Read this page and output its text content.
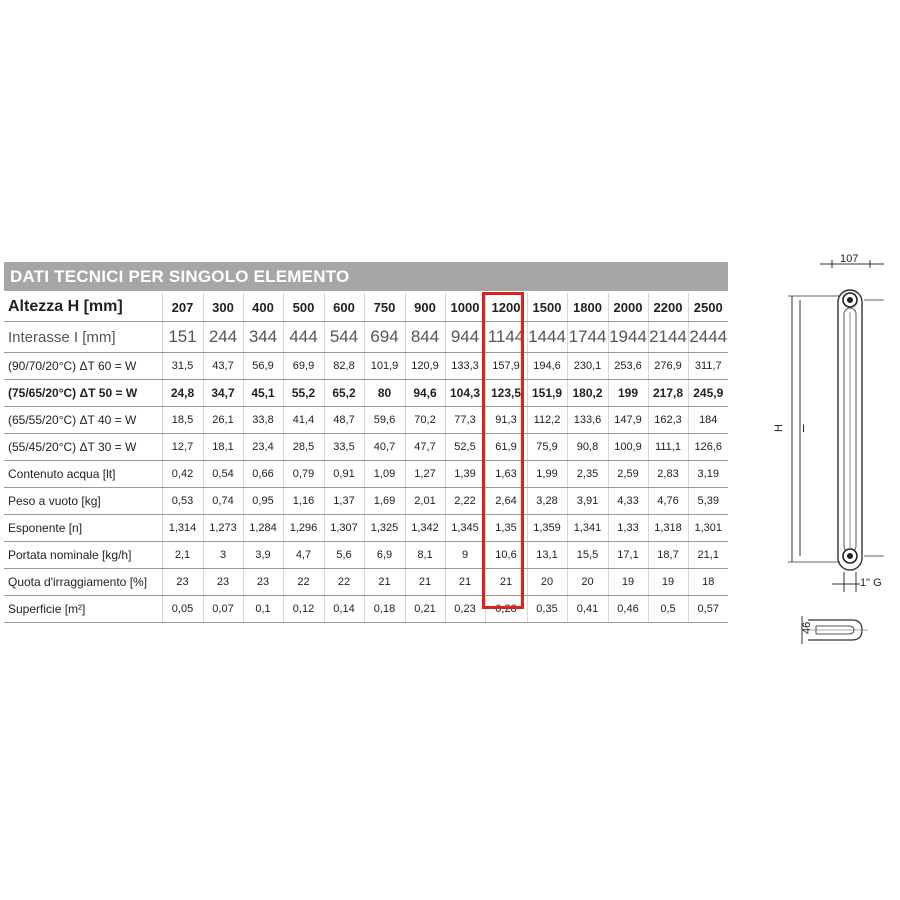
DATI TECNICI PER SINGOLO ELEMENTO
Altezza H [mm]	207	300	400	500	600	750	900	1000	1200	1500	1800	2000	2200	2500
Interasse I [mm]	151	244	344	444	544	694	844	944	1144	1444	1744	1944	2144	2444
(90/70/20°C) ΔT 60 = W	31,5	43,7	56,9	69,9	82,8	101,9	120,9	133,3	157,9	194,6	230,1	253,6	276,9	311,7
(75/65/20°C) ΔT 50 = W	24,8	34,7	45,1	55,2	65,2	80	94,6	104,3	123,5	151,9	180,2	199	217,8	245,9
(65/55/20°C) ΔT 40 = W	18,5	26,1	33,8	41,4	48,7	59,6	70,2	77,3	91,3	112,2	133,6	147,9	162,3	184
(55/45/20°C) ΔT 30 = W	12,7	18,1	23,4	28,5	33,5	40,7	47,7	52,5	61,9	75,9	90,8	100,9	111,1	126,6
Contenuto acqua [lt]	0,42	0,54	0,66	0,79	0,91	1,09	1,27	1,39	1,63	1,99	2,35	2,59	2,83	3,19
Peso a vuoto [kg]	0,53	0,74	0,95	1,16	1,37	1,69	2,01	2,22	2,64	3,28	3,91	4,33	4,76	5,39
Esponente [n]	1,314	1,273	1,284	1,296	1,307	1,325	1,342	1,345	1,35	1,359	1,341	1,33	1,318	1,301
Portata nominale [kg/h]	2,1	3	3,9	4,7	5,6	6,9	8,1	9	10,6	13,1	15,5	17,1	18,7	21,1
Quota d'irraggiamento [%]	23	23	23	22	22	21	21	21	21	20	20	19	19	18
Superficie [m²]	0,05	0,07	0,1	0,12	0,14	0,18	0,21	0,23	0,28	0,35	0,41	0,46	0,5	0,57
107
H I
1" G
46
